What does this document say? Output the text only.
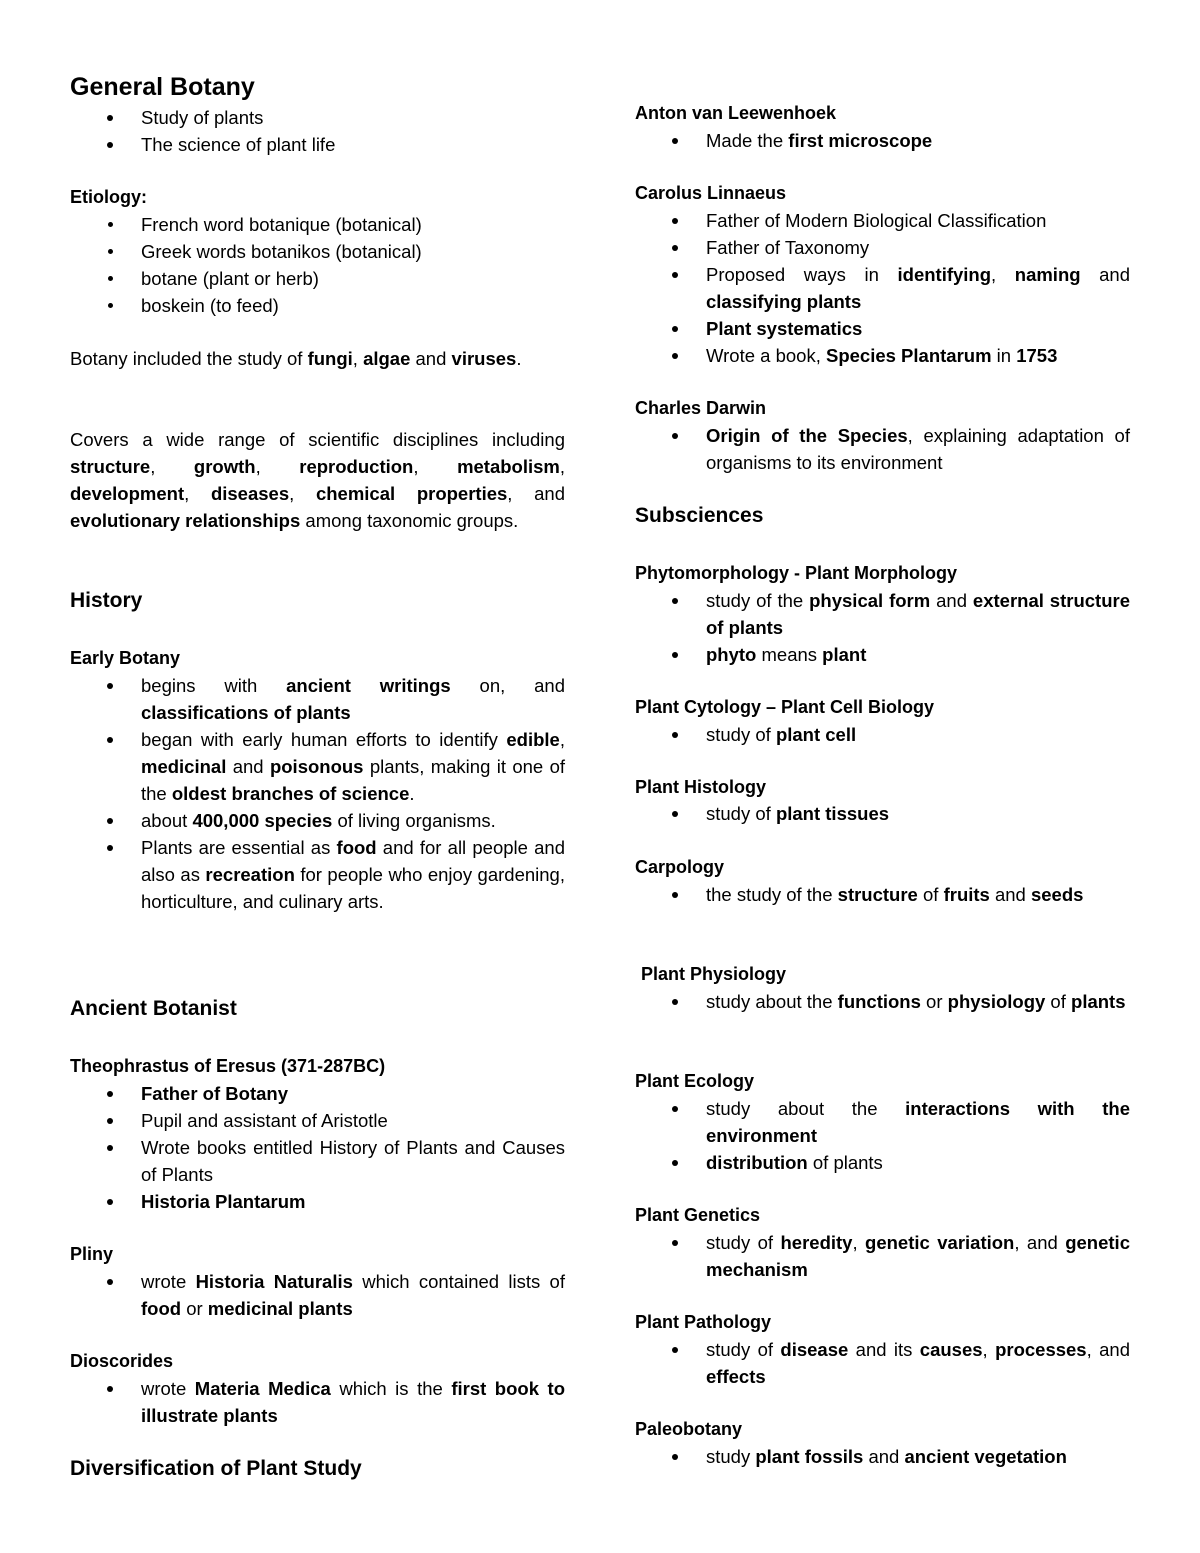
General Botany
Study of plants
The science of plant life
Etiology:
French word botanique (botanical)
Greek words botanikos (botanical)
botane (plant or herb)
boskein (to feed)

Botany included the study of fungi, algae and viruses.

Covers a wide range of scientific disciplines including structure, growth, reproduction, metabolism, development, diseases, chemical properties, and evolutionary relationships among taxonomic groups.

History
Early Botany
begins with ancient writings on, and classifications of plants
began with early human efforts to identify edible, medicinal and poisonous plants, making it one of the oldest branches of science.
about 400,000 species of living organisms.
Plants are essential as food and for all people and also as recreation for people who enjoy gardening, horticulture, and culinary arts.
Ancient Botanist
Theophrastus of Eresus (371-287BC)
Father of Botany
Pupil and assistant of Aristotle
Wrote books entitled History of Plants and Causes of Plants
Historia Plantarum
Pliny
wrote Historia Naturalis which contained lists of food or medicinal plants
Dioscorides
wrote Materia Medica which is the first book to illustrate plants
Diversification of Plant Study
Anton van Leewenhoek
Made the first microscope
Carolus Linnaeus
Father of Modern Biological Classification
Father of Taxonomy
Proposed ways in identifying, naming and classifying plants
Plant systematics
Wrote a book, Species Plantarum in 1753
Charles Darwin
Origin of the Species, explaining adaptation of organisms to its environment
Subsciences
Phytomorphology - Plant Morphology
study of the physical form and external structure of plants
phyto means plant
Plant Cytology – Plant Cell Biology
study of plant cell
Plant Histology
study of plant tissues
Carpology
the study of the structure of fruits and seeds
Plant Physiology
study about the functions or physiology of plants
Plant Ecology
study about the interactions with the environment
distribution of plants
Plant Genetics
study of heredity, genetic variation, and genetic mechanism
Plant Pathology
study of disease and its causes, processes, and effects
Paleobotany
study plant fossils and ancient vegetation
